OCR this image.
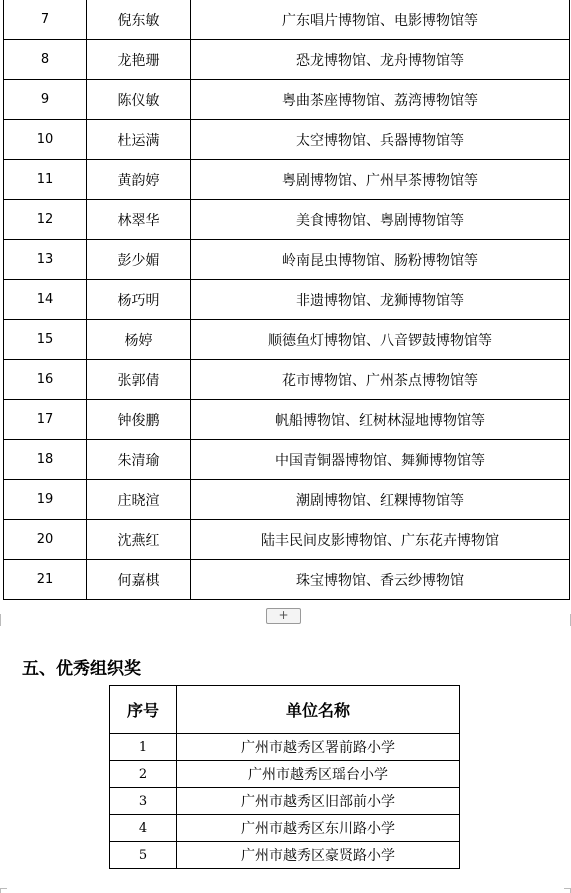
7	倪东敏	广东唱片博物馆、电影博物馆等
8	龙艳珊	恐龙博物馆、龙舟博物馆等
9	陈仪敏	粤曲茶座博物馆、荔湾博物馆等
10	杜运满	太空博物馆、兵器博物馆等
11	黄韵婷	粤剧博物馆、广州早茶博物馆等
12	林翠华	美食博物馆、粤剧博物馆等
13	彭少媚	岭南昆虫博物馆、肠粉博物馆等
14	杨巧明	非遗博物馆、龙狮博物馆等
15	杨婷	顺德鱼灯博物馆、八音锣鼓博物馆等
16	张郭倩	花市博物馆、广州茶点博物馆等
17	钟俊鹏	帆船博物馆、红树林湿地博物馆等
18	朱清瑜	中国青铜器博物馆、舞狮博物馆等
19	庄晓渲	潮剧博物馆、红粿博物馆等
20	沈燕红	陆丰民间皮影博物馆、广东花卉博物馆
21	何嘉棋	珠宝博物馆、香云纱博物馆
+
五、优秀组织奖
序号	单位名称
1	广州市越秀区署前路小学
2	广州市越秀区瑶台小学
3	广州市越秀区旧部前小学
4	广州市越秀区东川路小学
5	广州市越秀区豪贤路小学
